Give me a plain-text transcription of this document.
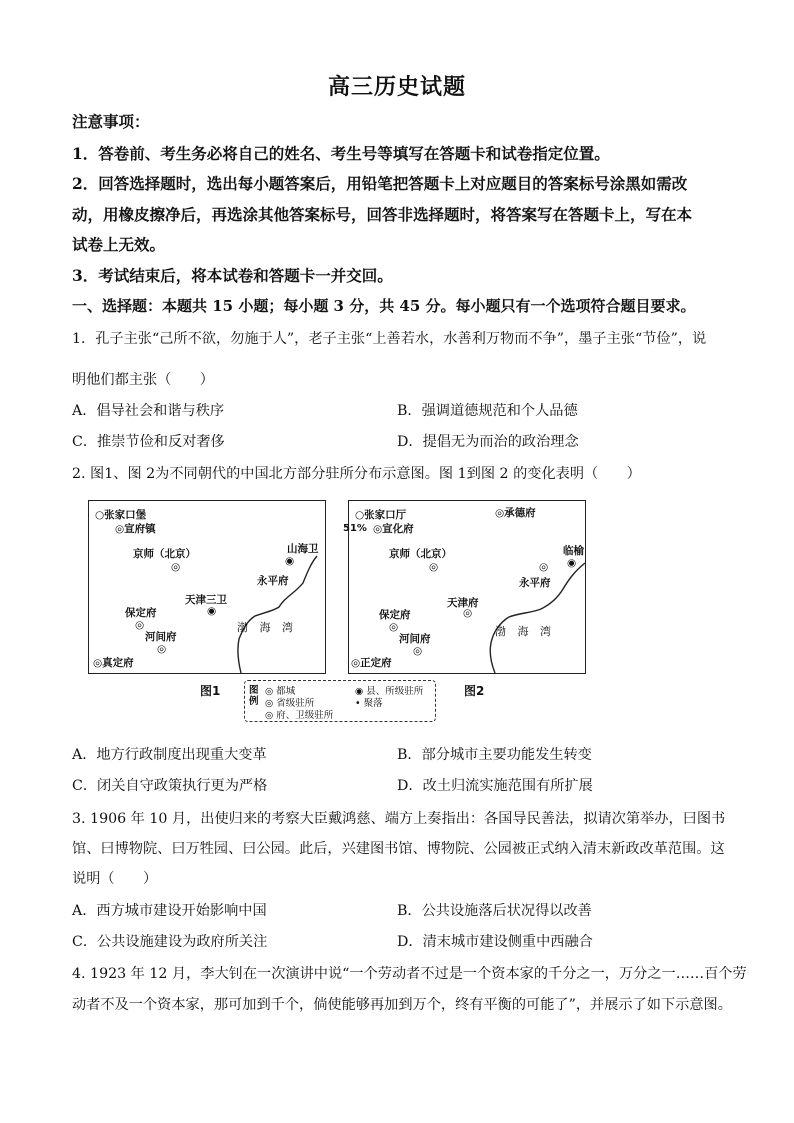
高三历史试题
注意事项：
1．答卷前、考生务必将自己的姓名、考生号等填写在答题卡和试卷指定位置。
2．回答选择题时，选出每小题答案后，用铅笔把答题卡上对应题目的答案标号涂黑如需改
动，用橡皮擦净后，再选涂其他答案标号，回答非选择题时，将答案写在答题卡上，写在本
试卷上无效。
3．考试结束后，将本试卷和答题卡一并交回。
一、选择题：本题共 15 小题；每小题 3 分，共 45 分。每小题只有一个选项符合题目要求。
1．孔子主张“己所不欲，勿施于人”，老子主张“上善若水，水善利万物而不争”，墨子主张“节俭”，说
明他们都主张（　　）
A．倡导社会和谐与秩序	B．强调道德规范和个人品德
C．推崇节俭和反对奢侈	D．提倡无为而治的政治理念
2. 图1、图 2为不同朝代的中国北方部分驻所分布示意图。图 1到图 2 的变化表明（　　）
○张家口堡
◎宣府镇
京师（北京）
◎
山海卫
◉
永平府
天津三卫
◉
保定府
◎
河间府
◎
◎真定府
渤 海 湾
图1
○张家口厅
◎宣化府
51%
◎承德府
京师（北京）
◎
临榆
◉
◎
永平府
天津府
◎
保定府
◎
河间府
◎
◎正定府
渤 海 湾
图2
图例
◎ 都城
◎ 省级驻所
◎ 府、卫级驻所
◉ 县、所级驻所
• 聚落
A．地方行政制度出现重大变革	B．部分城市主要功能发生转变
C．闭关自守政策执行更为严格	D．改土归流实施范围有所扩展
3. 1906 年 10 月，出使归来的考察大臣戴鸿慈、端方上奏指出：各国导民善法，拟请次第举办，曰图书
馆、曰博物院、曰万牲园、曰公园。此后，兴建图书馆、博物院、公园被正式纳入清末新政改革范围。这
说明（　　）
A．西方城市建设开始影响中国	B．公共设施落后状况得以改善
C．公共设施建设为政府所关注	D．清末城市建设侧重中西融合
4. 1923 年 12 月，李大钊在一次演讲中说“一个劳动者不过是一个资本家的千分之一，万分之一……百个劳
动者不及一个资本家，那可加到千个，倘使能够再加到万个，终有平衡的可能了”，并展示了如下示意图。
